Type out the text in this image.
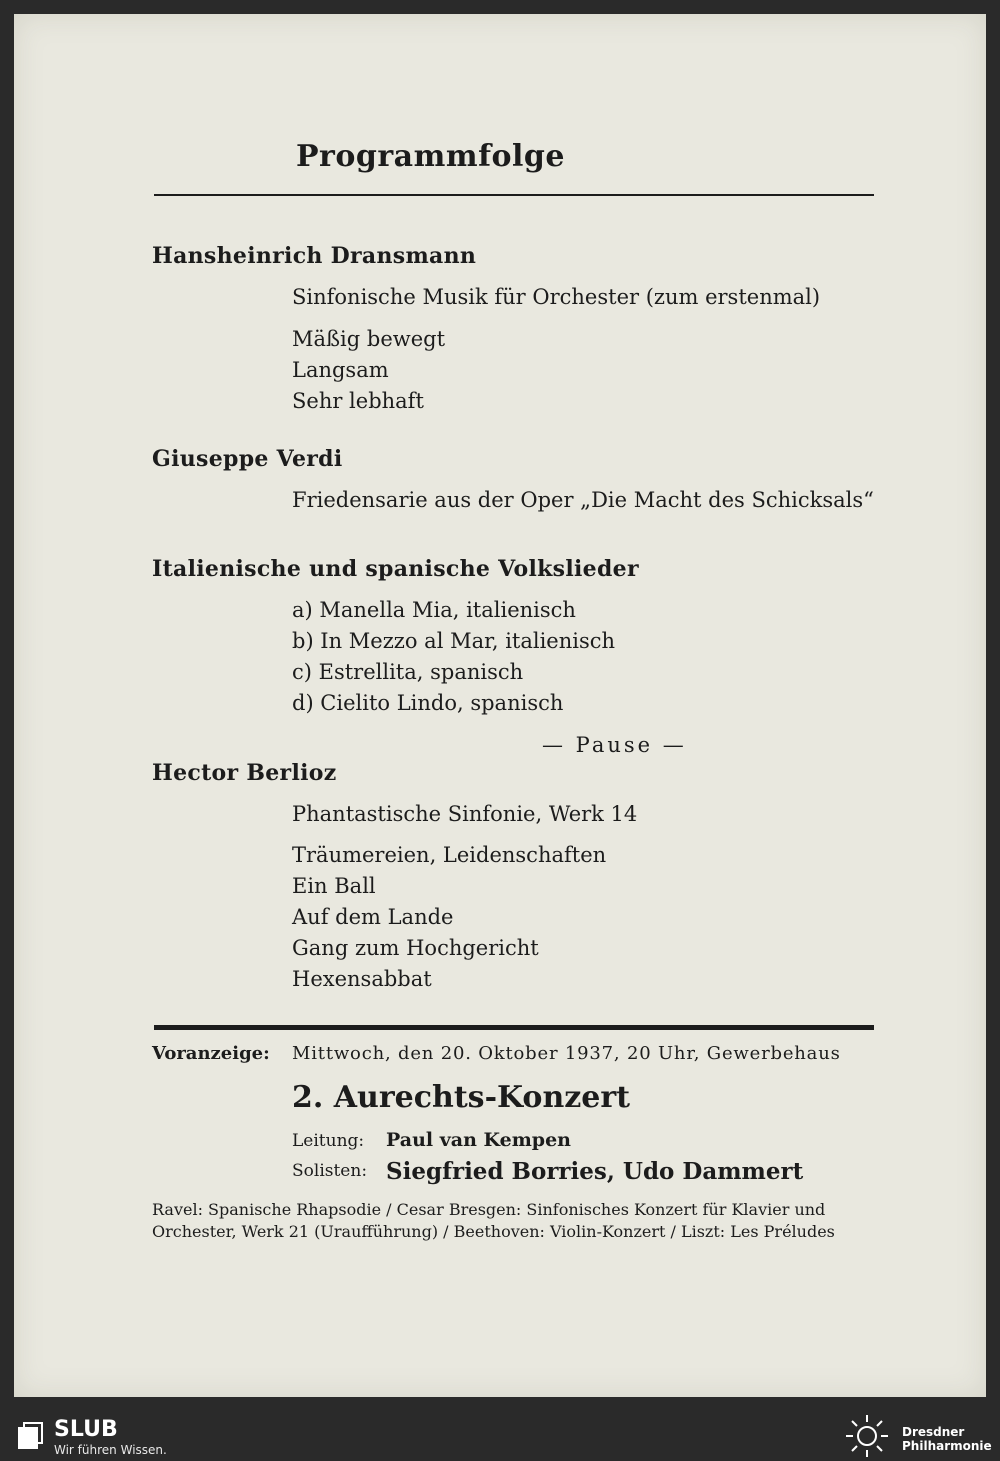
Programmfolge
Hansheinrich Dransmann
Sinfonische Musik für Orchester (zum erstenmal)
Mäßig bewegt
Langsam
Sehr lebhaft
Giuseppe Verdi
Friedensarie aus der Oper „Die Macht des Schicksals“
Italienische und spanische Volkslieder
a) Manella Mia, italienisch
b) In Mezzo al Mar, italienisch
c) Estrellita, spanisch
d) Cielito Lindo, spanisch
— Pause —
Hector Berlioz
Phantastische Sinfonie, Werk 14
Träumereien, Leidenschaften
Ein Ball
Auf dem Lande
Gang zum Hochgericht
Hexensabbat
Voranzeige: Mittwoch, den 20. Oktober 1937, 20 Uhr, Gewerbehaus
2. Aurechts-Konzert
Leitung: Paul van Kempen
Solisten: Siegfried Borries, Udo Dammert
Ravel: Spanische Rhapsodie / Cesar Bresgen: Sinfonisches Konzert für Klavier und Orchester, Werk 21 (Uraufführung) / Beethoven: Violin-Konzert / Liszt: Les Préludes
SLUB
Wir führen Wissen.
Dresdner
Philharmonie
